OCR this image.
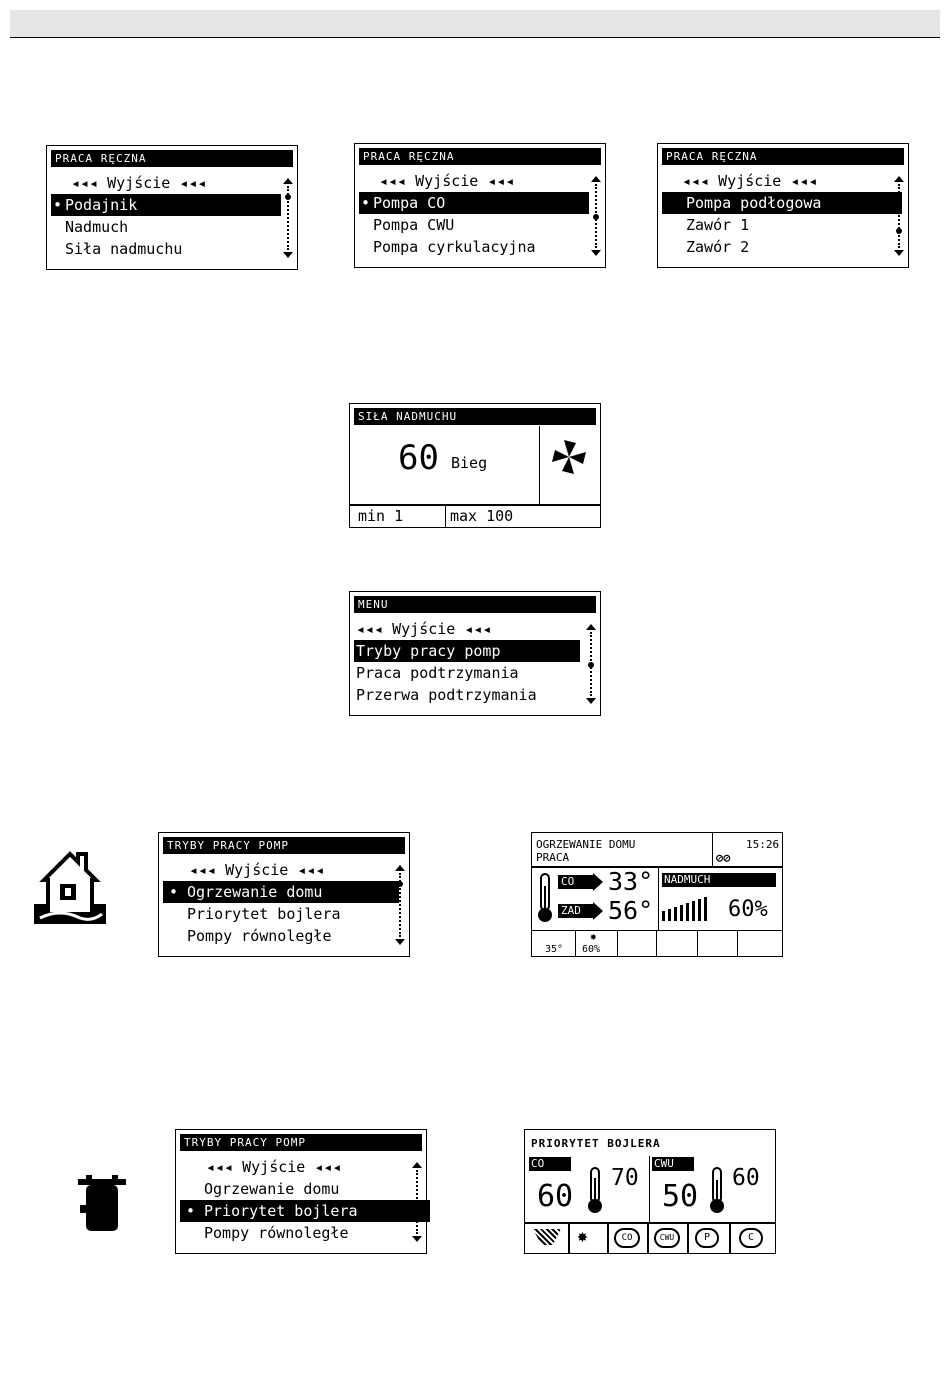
PRACA RĘCZNA
◂◂◂ Wyjście ◂◂◂
• Podajnik
Nadmuch
Siła nadmuchu
PRACA RĘCZNA
◂◂◂ Wyjście ◂◂◂
• Pompa CO
Pompa CWU
Pompa cyrkulacyjna
PRACA RĘCZNA
◂◂◂ Wyjście ◂◂◂
Pompa podłogowa
Zawór 1
Zawór 2
SIŁA NADMUCHU
60 Bieg
min 1	max 100
MENU
◂◂◂ Wyjście ◂◂◂
Tryby pracy pomp
Praca podtrzymania
Przerwa podtrzymania
TRYBY PRACY POMP
◂◂◂ Wyjście ◂◂◂
• Ogrzewanie domu
Priorytet bojlera
Pompy równoległe
OGRZEWANIE DOMU
PRACA
15:26
⊘⊘
CO	33°
ZAD	56°
NADMUCH
60%
35°
✸
60%
TRYBY PRACY POMP
◂◂◂ Wyjście ◂◂◂
Ogrzewanie domu
• Priorytet bojlera
Pompy równoległe
PRIORYTET BOJLERA
CO
60
70
CWU
50
60
✸	CO	CWU	P	C
